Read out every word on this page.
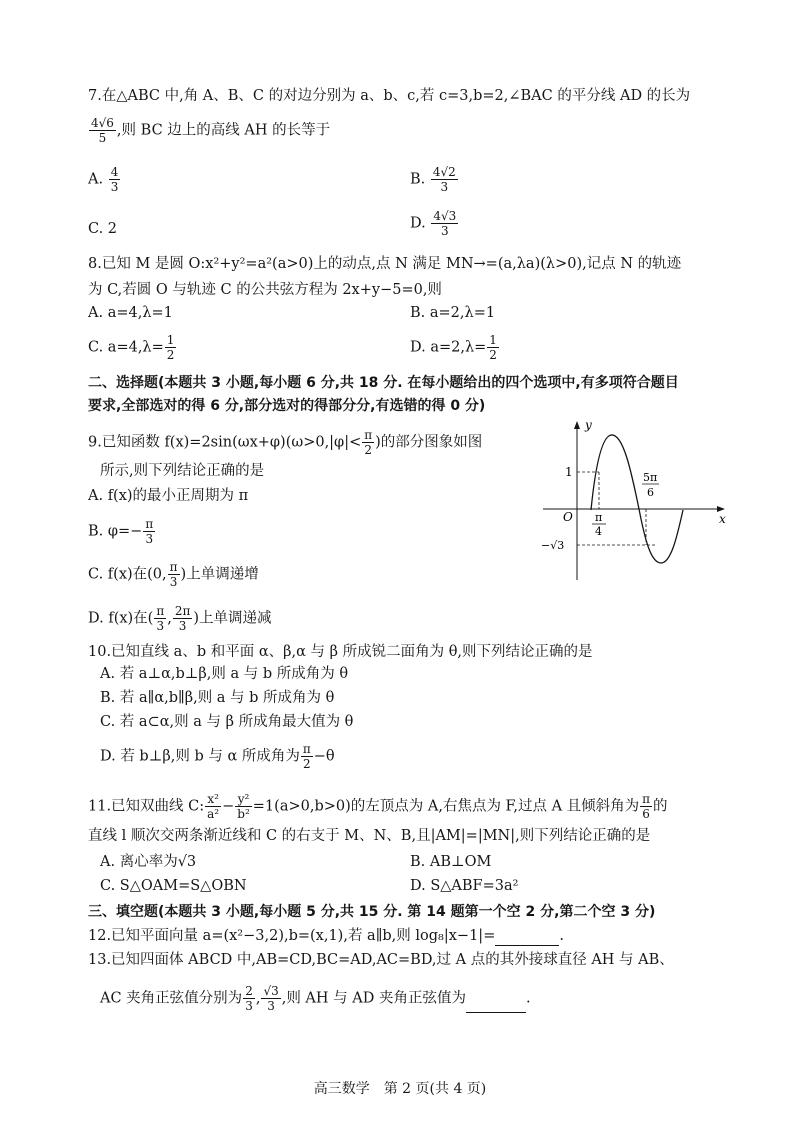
7.在△ABC 中,角 A、B、C 的对边分别为 a、b、c,若 c=3,b=2,∠BAC 的平分线 AD 的长为
$\frac{4√6}{5}$ ,则 BC 边上的高线 AH 的长等于
A. $\frac{4}{3}$	B. $\frac{4√2}{3}$
C. 2	D. $\frac{4√3}{3}$
8.已知 M 是圆 O:x²+y²=a²(a>0)上的动点,点 N 满足 MN→=(a,λa)(λ>0),记点 N 的轨迹
为 C,若圆 O 与轨迹 C 的公共弦方程为 2x+y−5=0,则
A. a=4,λ=1	B. a=2,λ=1
C. $a=4,\lambda= \frac{1}{2}$	D. $a=2,\lambda= \frac{1}{2}$
二、选择题(本题共 3 小题,每小题 6 分,共 18 分. 在每小题给出的四个选项中,有多项符合题目
要求,全部选对的得 6 分,部分选对的得部分分,有选错的得 0 分)
9.已知函数 $f(x)=2\sin(\omega x+\varphi)(\omega>0,|\varphi|< \frac{\pi}{2}$ )的部分图象如图
所示,则下列结论正确的是
A. f(x)的最小正周期为 π
B. $\varphi=- \frac{\pi}{3}$
C. f(x)在(0, $\frac{\pi}{3}$ )上单调递增
D. f(x)在( $\frac{\pi}{3}$ , $\frac{2\pi}{3}$ )上单调递减
y
x
O
1
−√3
π
4
5π
6
10.已知直线 a、b 和平面 α、β,α 与 β 所成锐二面角为 θ,则下列结论正确的是
A. 若 a⊥α,b⊥β,则 a 与 b 所成角为 θ
B. 若 a∥α,b∥β,则 a 与 b 所成角为 θ
C. 若 a⊂α,则 a 与 β 所成角最大值为 θ
D. 若 b⊥β,则 b 与 α 所成角为 $\frac{\pi}{2} -\theta$
11.已知双曲线 C: $\frac{\text{x²}}{\text{a²}} - \frac{\text{y²}}{\text{b²}} =1(a>0,b>0)$的左顶点为 A,右焦点为 F,过点 A 且倾斜角为 $\frac{\pi}{6}$ 的
直线 l 顺次交两条渐近线和 C 的右支于 M、N、B,且|AM|=|MN|,则下列结论正确的是
A. 离心率为√3	B. AB⊥OM
C. S△OAM=S△OBN	D. S△ABF=3a²
三、填空题(本题共 3 小题,每小题 5 分,共 15 分. 第 14 题第一个空 2 分,第二个空 3 分)
12.已知平面向量 a=(x²−3,2),b=(x,1),若 a∥b,则 log₈|x−1|=	.
13.已知四面体 ABCD 中,AB=CD,BC=AD,AC=BD,过 A 点的其外接球直径 AH 与 AB、
AC 夹角正弦值分别为 $\frac{2}{3}$ , $\frac{√3}{3}$ ,则 AH 与 AD 夹角正弦值为	.
高三数学　第 2 页(共 4 页)
